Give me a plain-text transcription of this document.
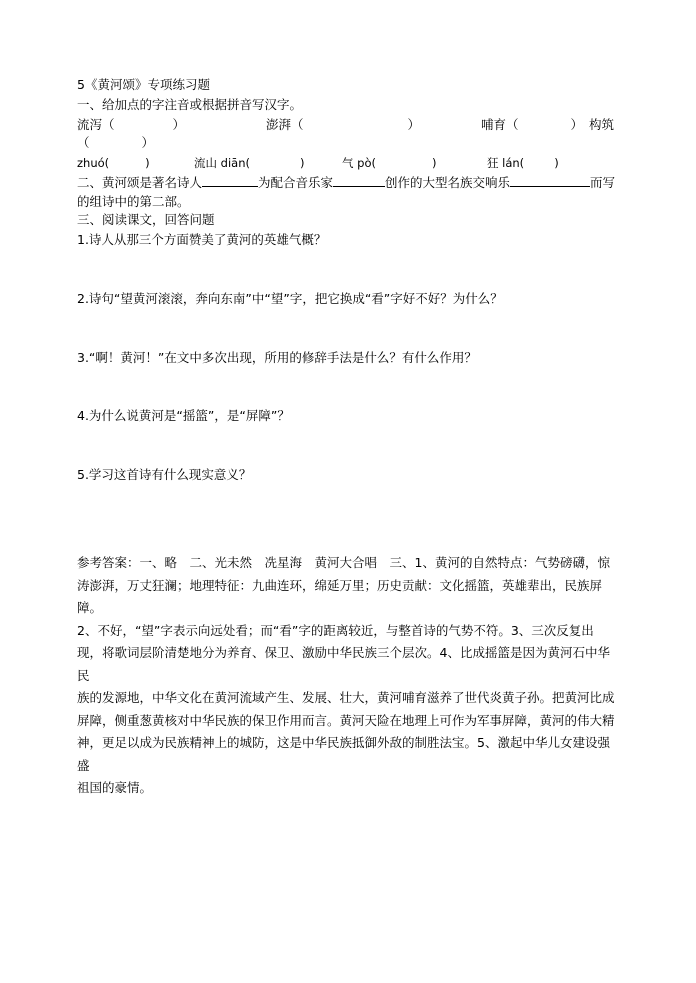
5《黄河颂》专项练习题
一、给加点的字注音或根据拼音写汉字。
流泻（	）	澎湃（	）	哺育（	） 构筑
（	）
zhuó(	)	流山 diān(	)	气 pò(	)	狂 lán(	)
二、黄河颂是著名诗人	为配合音乐家	创作的大型名族交响乐	而写
的组诗中的第二部。
三、阅读课文，回答问题
1.诗人从那三个方面赞美了黄河的英雄气概？
2.诗句“望黄河滚滚，奔向东南”中“望”字，把它换成“看”字好不好？为什么？
3.“啊！黄河！”在文中多次出现，所用的修辞手法是什么？有什么作用？
4.为什么说黄河是“摇篮”，是“屏障”？
5.学习这首诗有什么现实意义？
参考答案：一、略　二、光未然　冼星海　黄河大合唱　三、1、黄河的自然特点：气势磅礴，惊
涛澎湃，万丈狂澜；地理特征：九曲连环，绵延万里；历史贡献：文化摇篮，英雄辈出，民族屏障。
2、不好，“望”字表示向远处看；而“看”字的距离较近，与整首诗的气势不符。3、三次反复出
现，将歌词层阶清楚地分为养育、保卫、激励中华民族三个层次。4、比成摇篮是因为黄河石中华民
族的发源地，中华文化在黄河流域产生、发展、壮大，黄河哺育滋养了世代炎黄子孙。把黄河比成
屏障，侧重葱黄核对中华民族的保卫作用而言。黄河天险在地理上可作为军事屏障，黄河的伟大精
神，更足以成为民族精神上的城防，这是中华民族抵御外敌的制胜法宝。5、激起中华儿女建设强盛
祖国的豪情。
